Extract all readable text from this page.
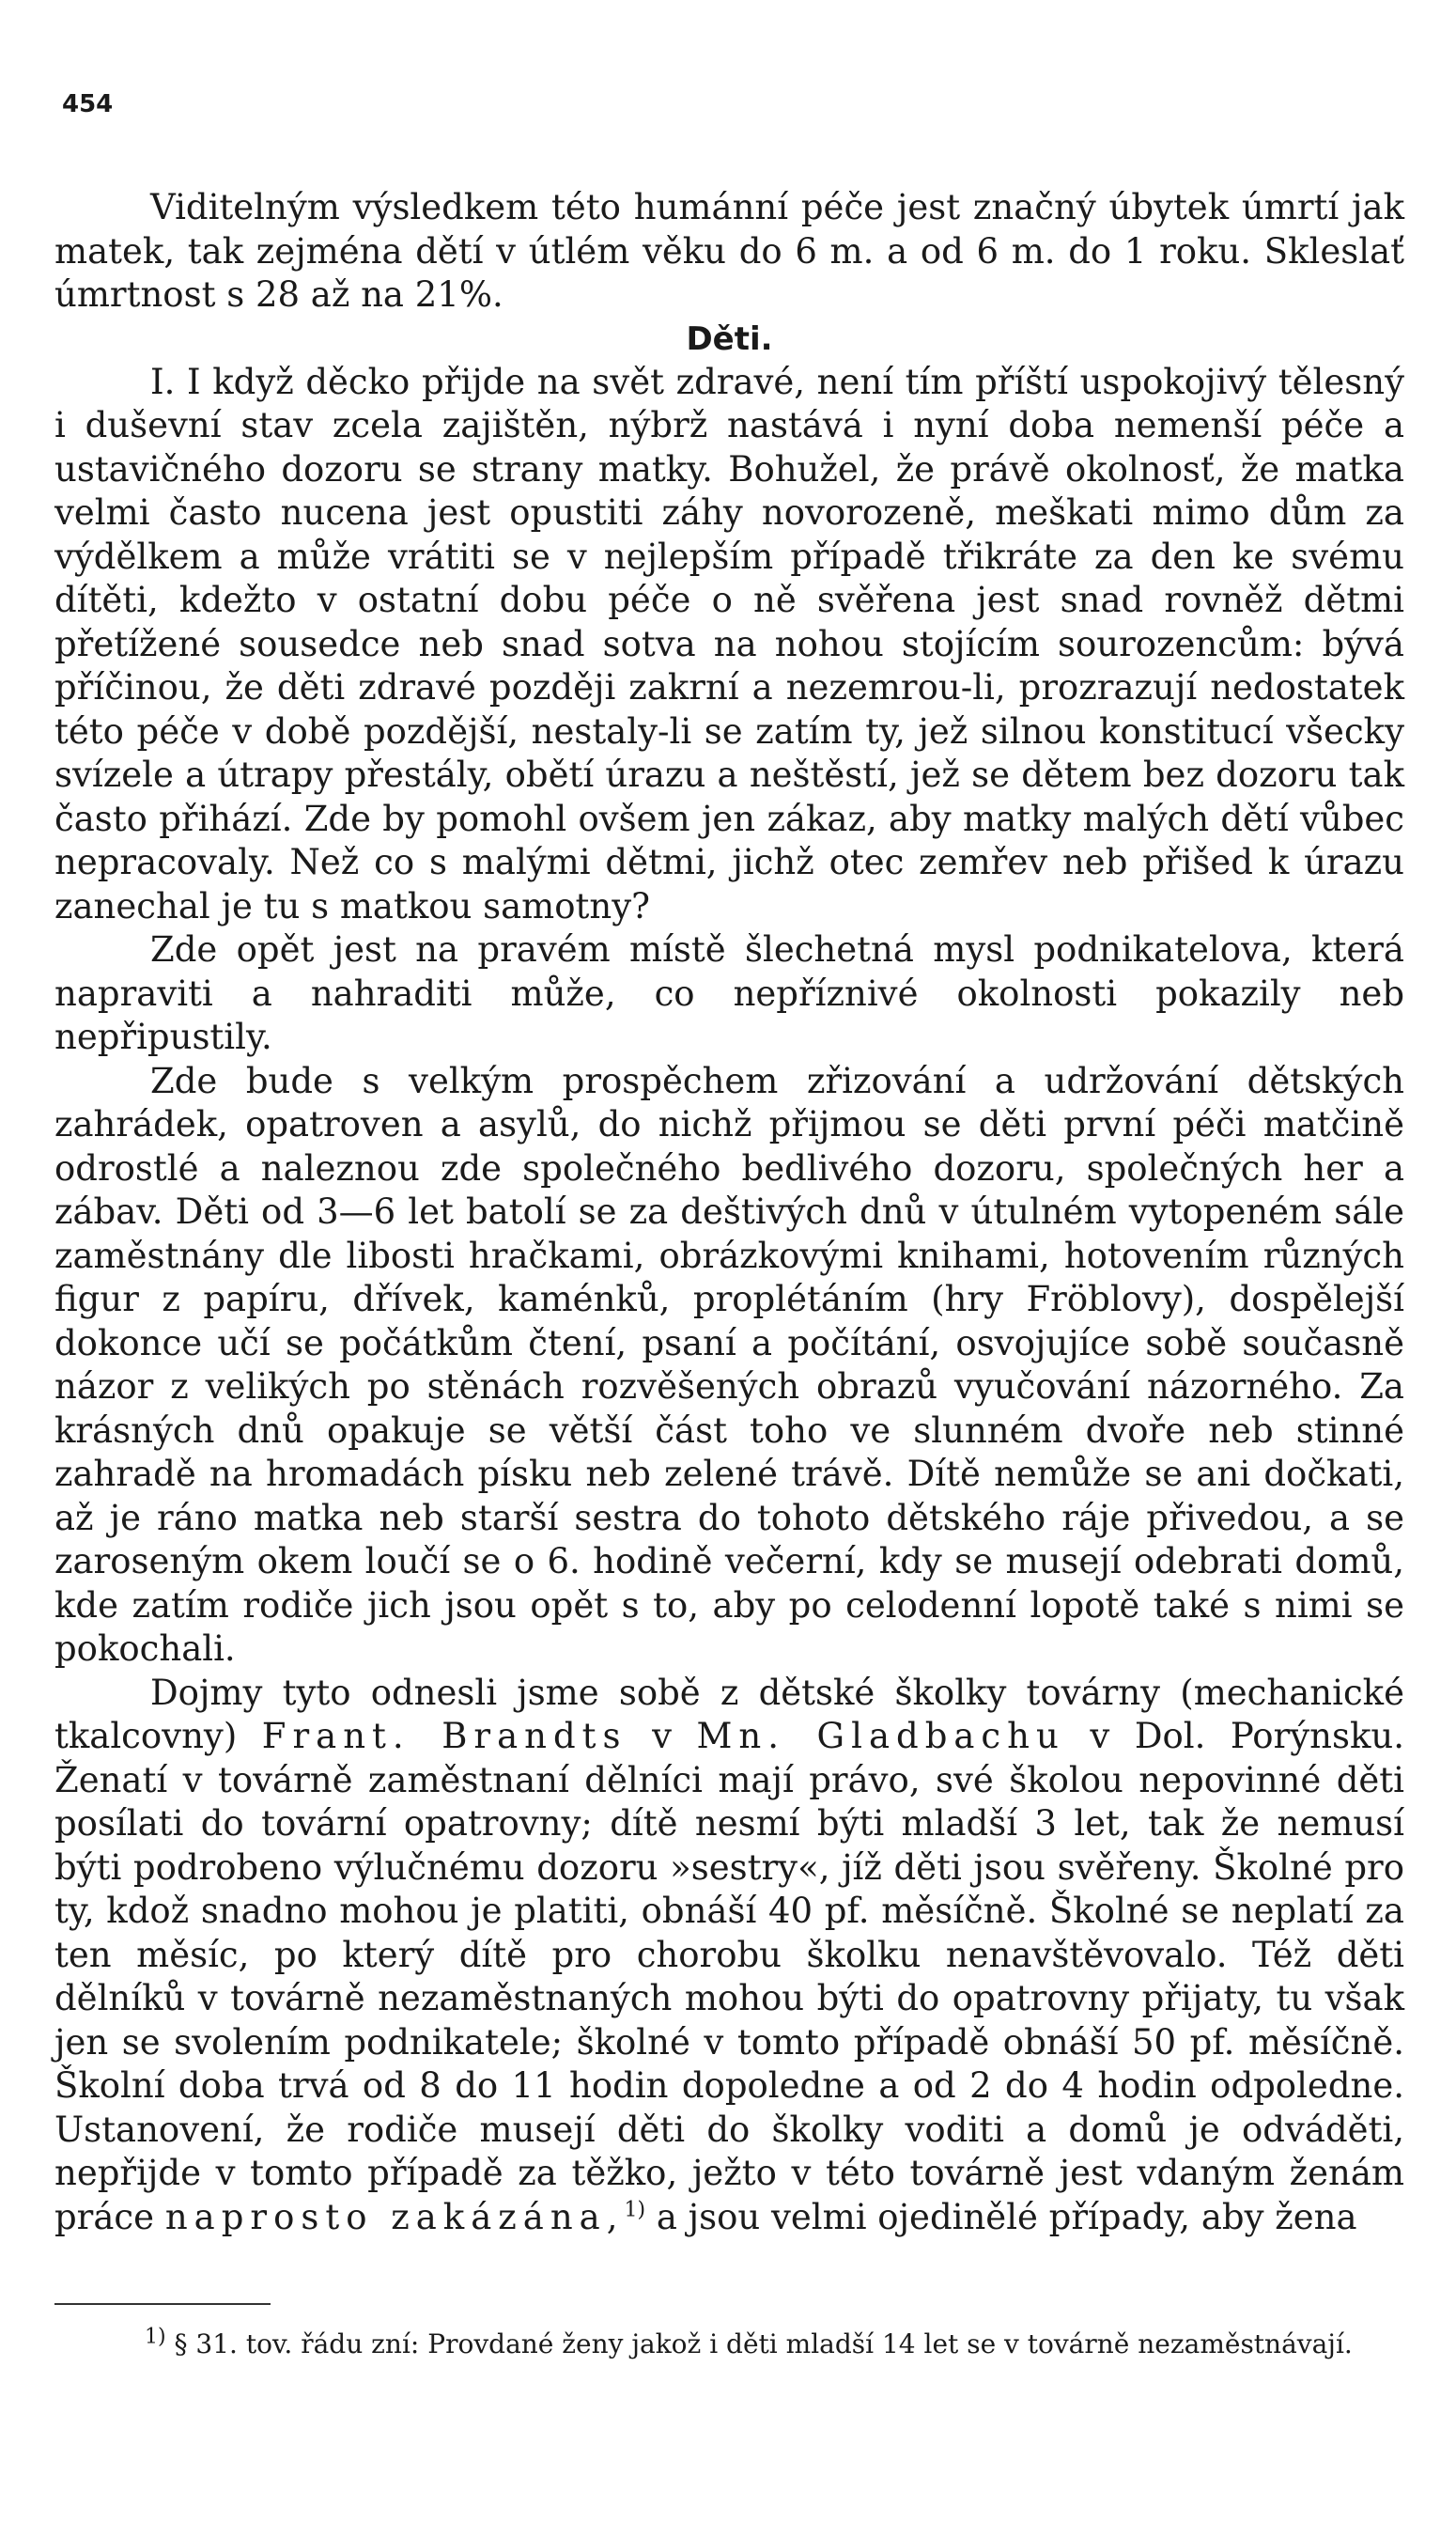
454

Viditelným výsledkem této humánní péče jest značný úbytek úmrtí jak matek, tak zejména dětí v útlém věku do 6 m. a od 6 m. do 1 roku. Skleslať úmrtnost s 28 až na 21%.

Děti.

I. I když děcko přijde na svět zdravé, není tím příští uspokojivý tělesný i duševní stav zcela zajištěn, nýbrž nastává i nyní doba nemenší péče a ustavičného dozoru se strany matky. Bohužel, že právě okolnosť, že matka velmi často nucena jest opustiti záhy novorozeně, meškati mimo dům za výdělkem a může vrátiti se v nejlepším případě třikráte za den ke svému dítěti, kdežto v ostatní dobu péče o ně svěřena jest snad rovněž dětmi přetížené sousedce neb snad sotva na nohou stojícím sourozencům: bývá příčinou, že děti zdravé později zakrní a nezemrou-li, prozrazují nedostatek této péče v době pozdější, nestaly-li se zatím ty, jež silnou konstitucí všecky svízele a útrapy přestály, obětí úrazu a neštěstí, jež se dětem bez dozoru tak často přihází. Zde by pomohl ovšem jen zákaz, aby matky malých dětí vůbec nepracovaly. Než co s malými dětmi, jichž otec zemřev neb přišed k úrazu zanechal je tu s matkou samotny?

Zde opět jest na pravém místě šlechetná mysl podnikatelova, která napraviti a nahraditi může, co nepříznivé okolnosti pokazily neb nepřipustily.

Zde bude s velkým prospěchem zřizování a udržování dětských zahrádek, opatroven a asylů, do nichž přijmou se děti první péči matčině odrostlé a naleznou zde společného bedlivého dozoru, společných her a zábav. Děti od 3—6 let batolí se za deštivých dnů v útulném vytopeném sále zaměstnány dle libosti hračkami, obrázkovými knihami, hotovením různých figur z papíru, dřívek, kaménků, proplétáním (hry Fröblovy), dospělejší dokonce učí se počátkům čtení, psaní a počítání, osvojujíce sobě současně názor z velikých po stěnách rozvěšených obrazů vyučování názorného. Za krásných dnů opakuje se větší část toho ve slunném dvoře neb stinné zahradě na hromadách písku neb zelené trávě. Dítě nemůže se ani dočkati, až je ráno matka neb starší sestra do tohoto dětského ráje přivedou, a se zaroseným okem loučí se o 6. hodině večerní, kdy se musejí odebrati domů, kde zatím rodiče jich jsou opět s to, aby po celodenní lopotě také s nimi se pokochali.

Dojmy tyto odnesli jsme sobě z dětské školky továrny (mechanické tkalcovny) Frant. Brandts v Mn. Gladbachu v Dol. Porýnsku. Ženatí v továrně zaměstnaní dělníci mají právo, své školou nepovinné děti posílati do tovární opatrovny; dítě nesmí býti mladší 3 let, tak že nemusí býti podrobeno výlučnému dozoru »sestry«, jíž děti jsou svěřeny. Školné pro ty, kdož snadno mohou je platiti, obnáší 40 pf. měsíčně. Školné se neplatí za ten měsíc, po který dítě pro chorobu školku nenavštěvovalo. Též děti dělníků v továrně nezaměstnaných mohou býti do opatrovny přijaty, tu však jen se svolením podnikatele; školné v tomto případě obnáší 50 pf. měsíčně. Školní doba trvá od 8 do 11 hodin dopoledne a od 2 do 4 hodin odpoledne. Ustanovení, že rodiče musejí děti do školky voditi a domů je odváděti, nepřijde v tomto případě za těžko, ježto v této továrně jest vdaným ženám práce naprosto zakázána,$^{1)}$ a jsou velmi ojedinělé případy, aby žena

$^{1)}$ § 31. tov. řádu zní: Provdané ženy jakož i děti mladší 14 let se v továrně nezaměstnávají.
